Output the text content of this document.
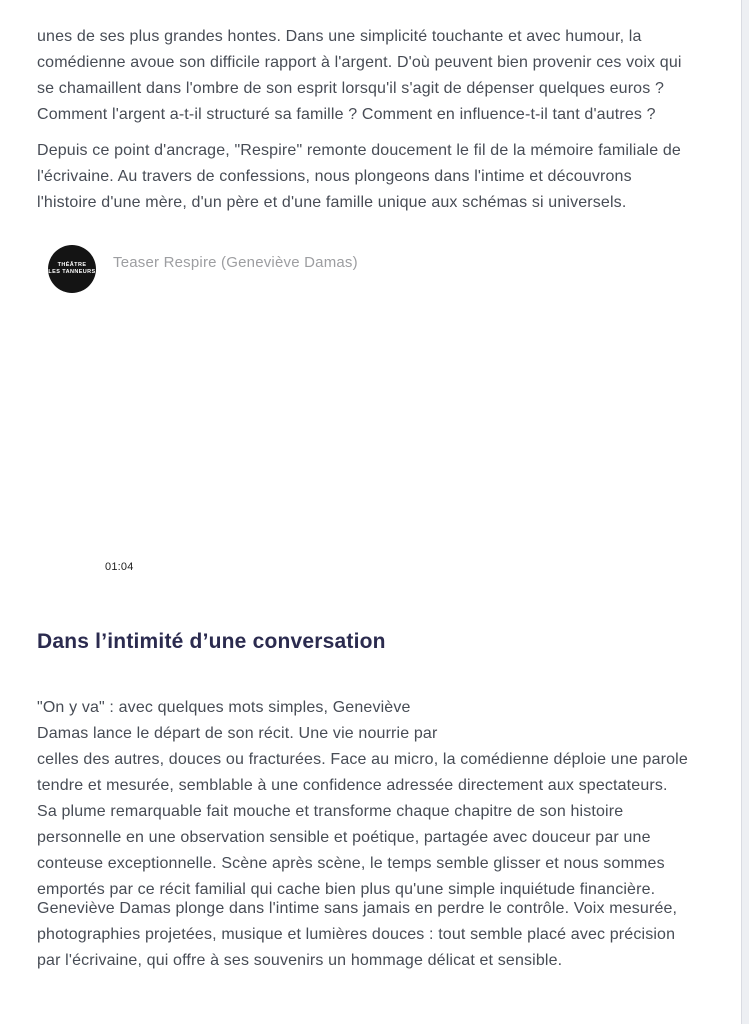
unes de ses plus grandes hontes. Dans une simplicité touchante et avec humour, la
comédienne avoue son difficile rapport à l'argent. D'où peuvent bien provenir ces voix qui
se chamaillent dans l'ombre de son esprit lorsqu'il s'agit de dépenser quelques euros ?
Comment l'argent a-t-il structuré sa famille ? Comment en influence-t-il tant d'autres ?
Depuis ce point d'ancrage, "Respire" remonte doucement le fil de la mémoire familiale de
l'écrivaine. Au travers de confessions, nous plongeons dans l'intime et découvrons
l'histoire d'une mère, d'un père et d'une famille unique aux schémas si universels.
THÉÂTRE
LES TANNEURS
Teaser Respire (Geneviève Damas)
01:04
Dans l’intimité d’une conversation
"On y va" : avec quelques mots simples, Geneviève
Damas lance le départ de son récit. Une vie nourrie par
celles des autres, douces ou fracturées. Face au micro, la comédienne déploie une parole
tendre et mesurée, semblable à une confidence adressée directement aux spectateurs.
Sa plume remarquable fait mouche et transforme chaque chapitre de son histoire
personnelle en une observation sensible et poétique, partagée avec douceur par une
conteuse exceptionnelle. Scène après scène, le temps semble glisser et nous sommes
emportés par ce récit familial qui cache bien plus qu'une simple inquiétude financière.
Geneviève Damas plonge dans l'intime sans jamais en perdre le contrôle. Voix mesurée,
photographies projetées, musique et lumières douces : tout semble placé avec précision
par l'écrivaine, qui offre à ses souvenirs un hommage délicat et sensible.
